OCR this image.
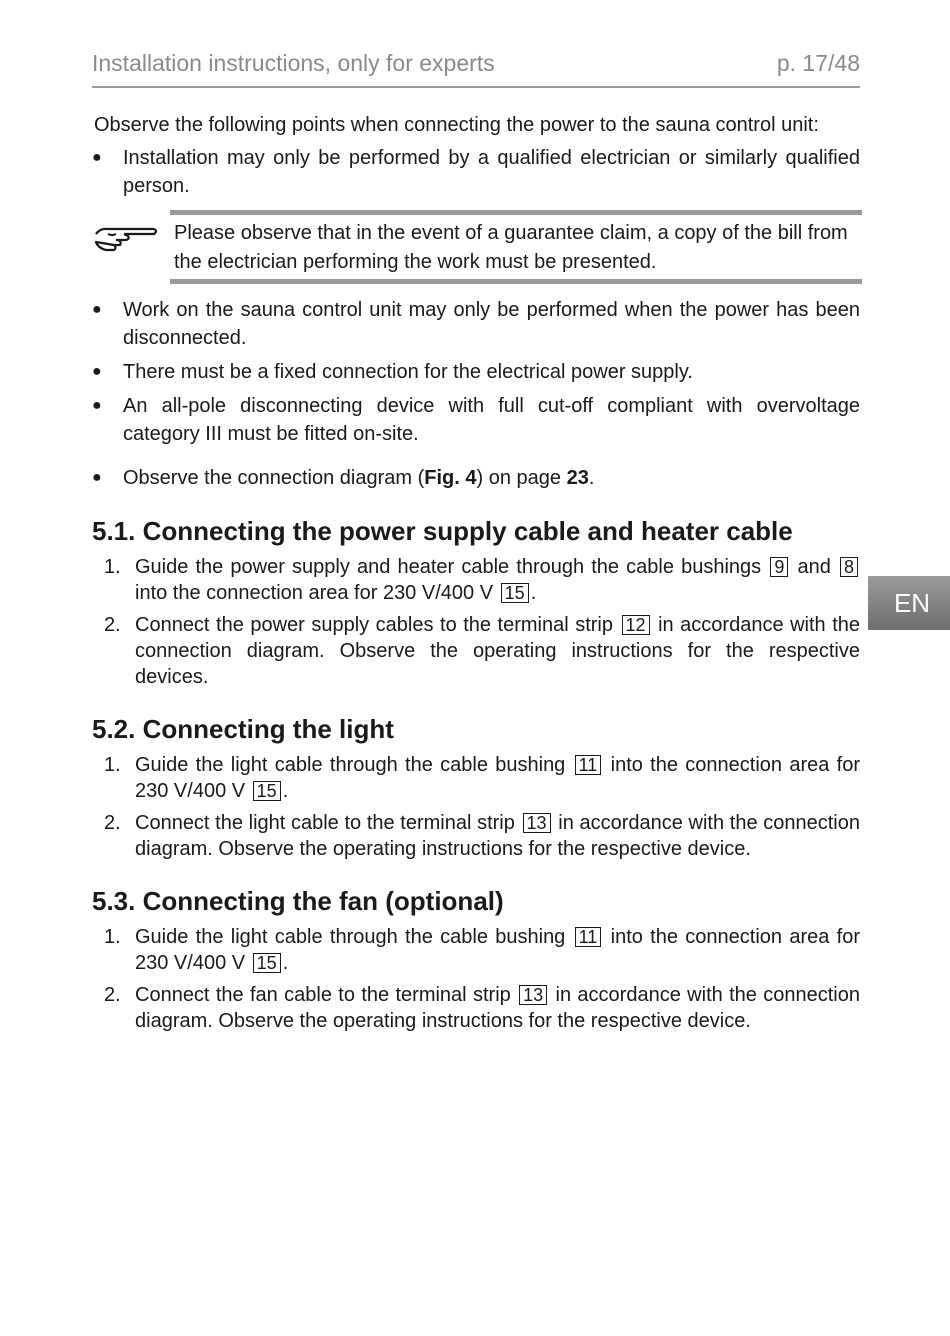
Installation instructions, only for experts	p. 17/48
EN

Observe the following points when connecting the power to the sauna control unit:

● Installation may only be performed by a qualified electrician or similarly qualified person.
Please observe that in the event of a guarantee claim, a copy of the bill from the electrician performing the work must be presented.
● Work on the sauna control unit may only be performed when the power has been disconnected.
● There must be a fixed connection for the electrical power supply.
● An all-pole disconnecting device with full cut-off compliant with overvoltage category III must be fitted on-site.
● Observe the connection diagram (Fig. 4) on page 23.
5.1. Connecting the power supply cable and heater cable
1. Guide the power supply and heater cable through the cable bushings 9 and 8 into the connection area for 230 V/400 V 15 .
2. Connect the power supply cables to the terminal strip 12 in accordance with the connection diagram. Observe the operating instructions for the respective devices.
5.2. Connecting the light
1. Guide the light cable through the cable bushing 11 into the connection area for 230 V/400 V 15 .
2. Connect the light cable to the terminal strip 13 in accordance with the connection diagram. Observe the operating instructions for the respective device.
5.3. Connecting the fan (optional)
1. Guide the light cable through the cable bushing 11 into the connection area for 230 V/400 V 15 .
2. Connect the fan cable to the terminal strip 13 in accordance with the connection diagram. Observe the operating instructions for the respective device.
